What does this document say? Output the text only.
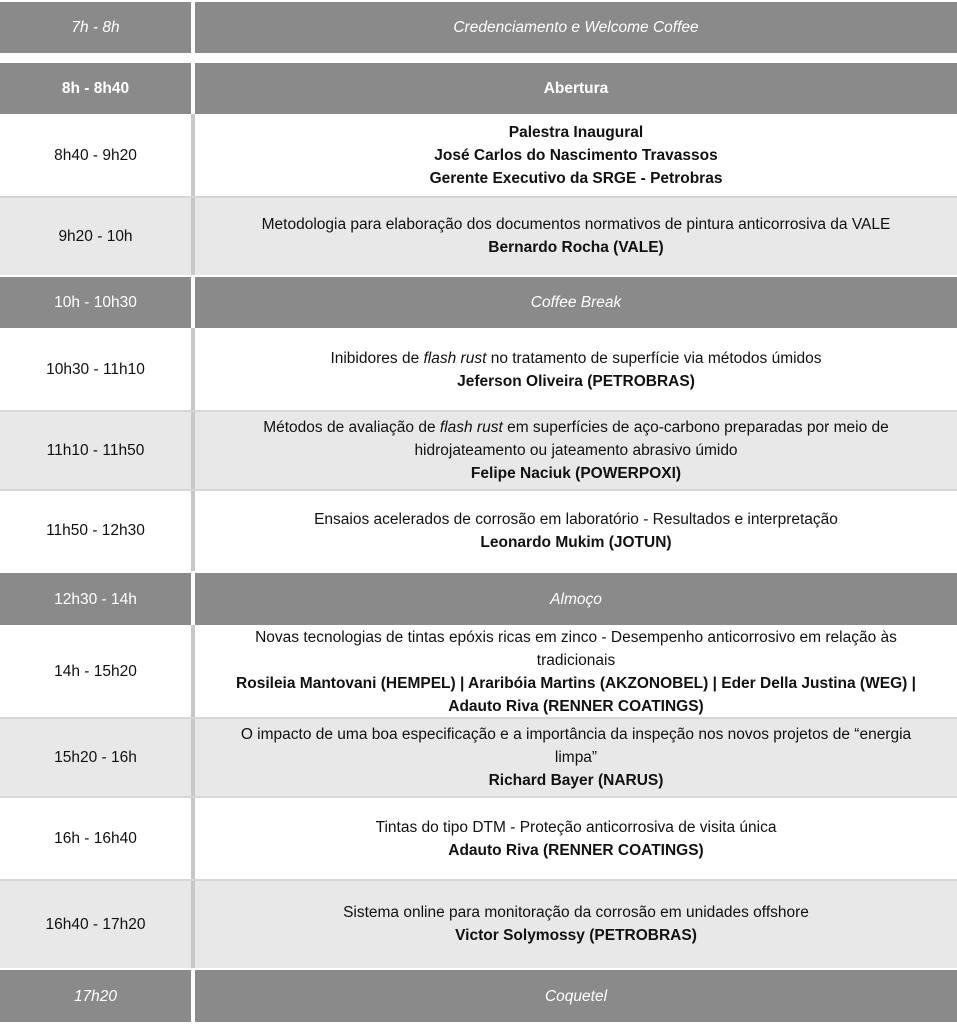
7h - 8h	Credenciamento e Welcome Coffee
8h - 8h40	Abertura
8h40 - 9h20
Palestra Inaugural
José Carlos do Nascimento Travassos
Gerente Executivo da SRGE - Petrobras
9h20 - 10h
Metodologia para elaboração dos documentos normativos de pintura anticorrosiva da VALE
Bernardo Rocha (VALE)
10h - 10h30	Coffee Break
10h30 - 11h10
Inibidores de flash rust no tratamento de superfície via métodos úmidos
Jeferson Oliveira (PETROBRAS)
11h10 - 11h50
Métodos de avaliação de flash rust em superfícies de aço-carbono preparadas por meio de
hidrojateamento ou jateamento abrasivo úmido
Felipe Naciuk (POWERPOXI)
11h50 - 12h30
Ensaios acelerados de corrosão em laboratório - Resultados e interpretação
Leonardo Mukim (JOTUN)
12h30 - 14h	Almoço
14h - 15h20
Novas tecnologias de tintas epóxis ricas em zinco - Desempenho anticorrosivo em relação às
tradicionais
Rosileia Mantovani (HEMPEL) | Araribóia Martins (AKZONOBEL) | Eder Della Justina (WEG) |
Adauto Riva (RENNER COATINGS)
15h20 - 16h
O impacto de uma boa especificação e a importância da inspeção nos novos projetos de “energia
limpa”
Richard Bayer (NARUS)
16h - 16h40
Tintas do tipo DTM - Proteção anticorrosiva de visita única
Adauto Riva (RENNER COATINGS)
16h40 - 17h20
Sistema online para monitoração da corrosão em unidades offshore
Victor Solymossy (PETROBRAS)
17h20	Coquetel
